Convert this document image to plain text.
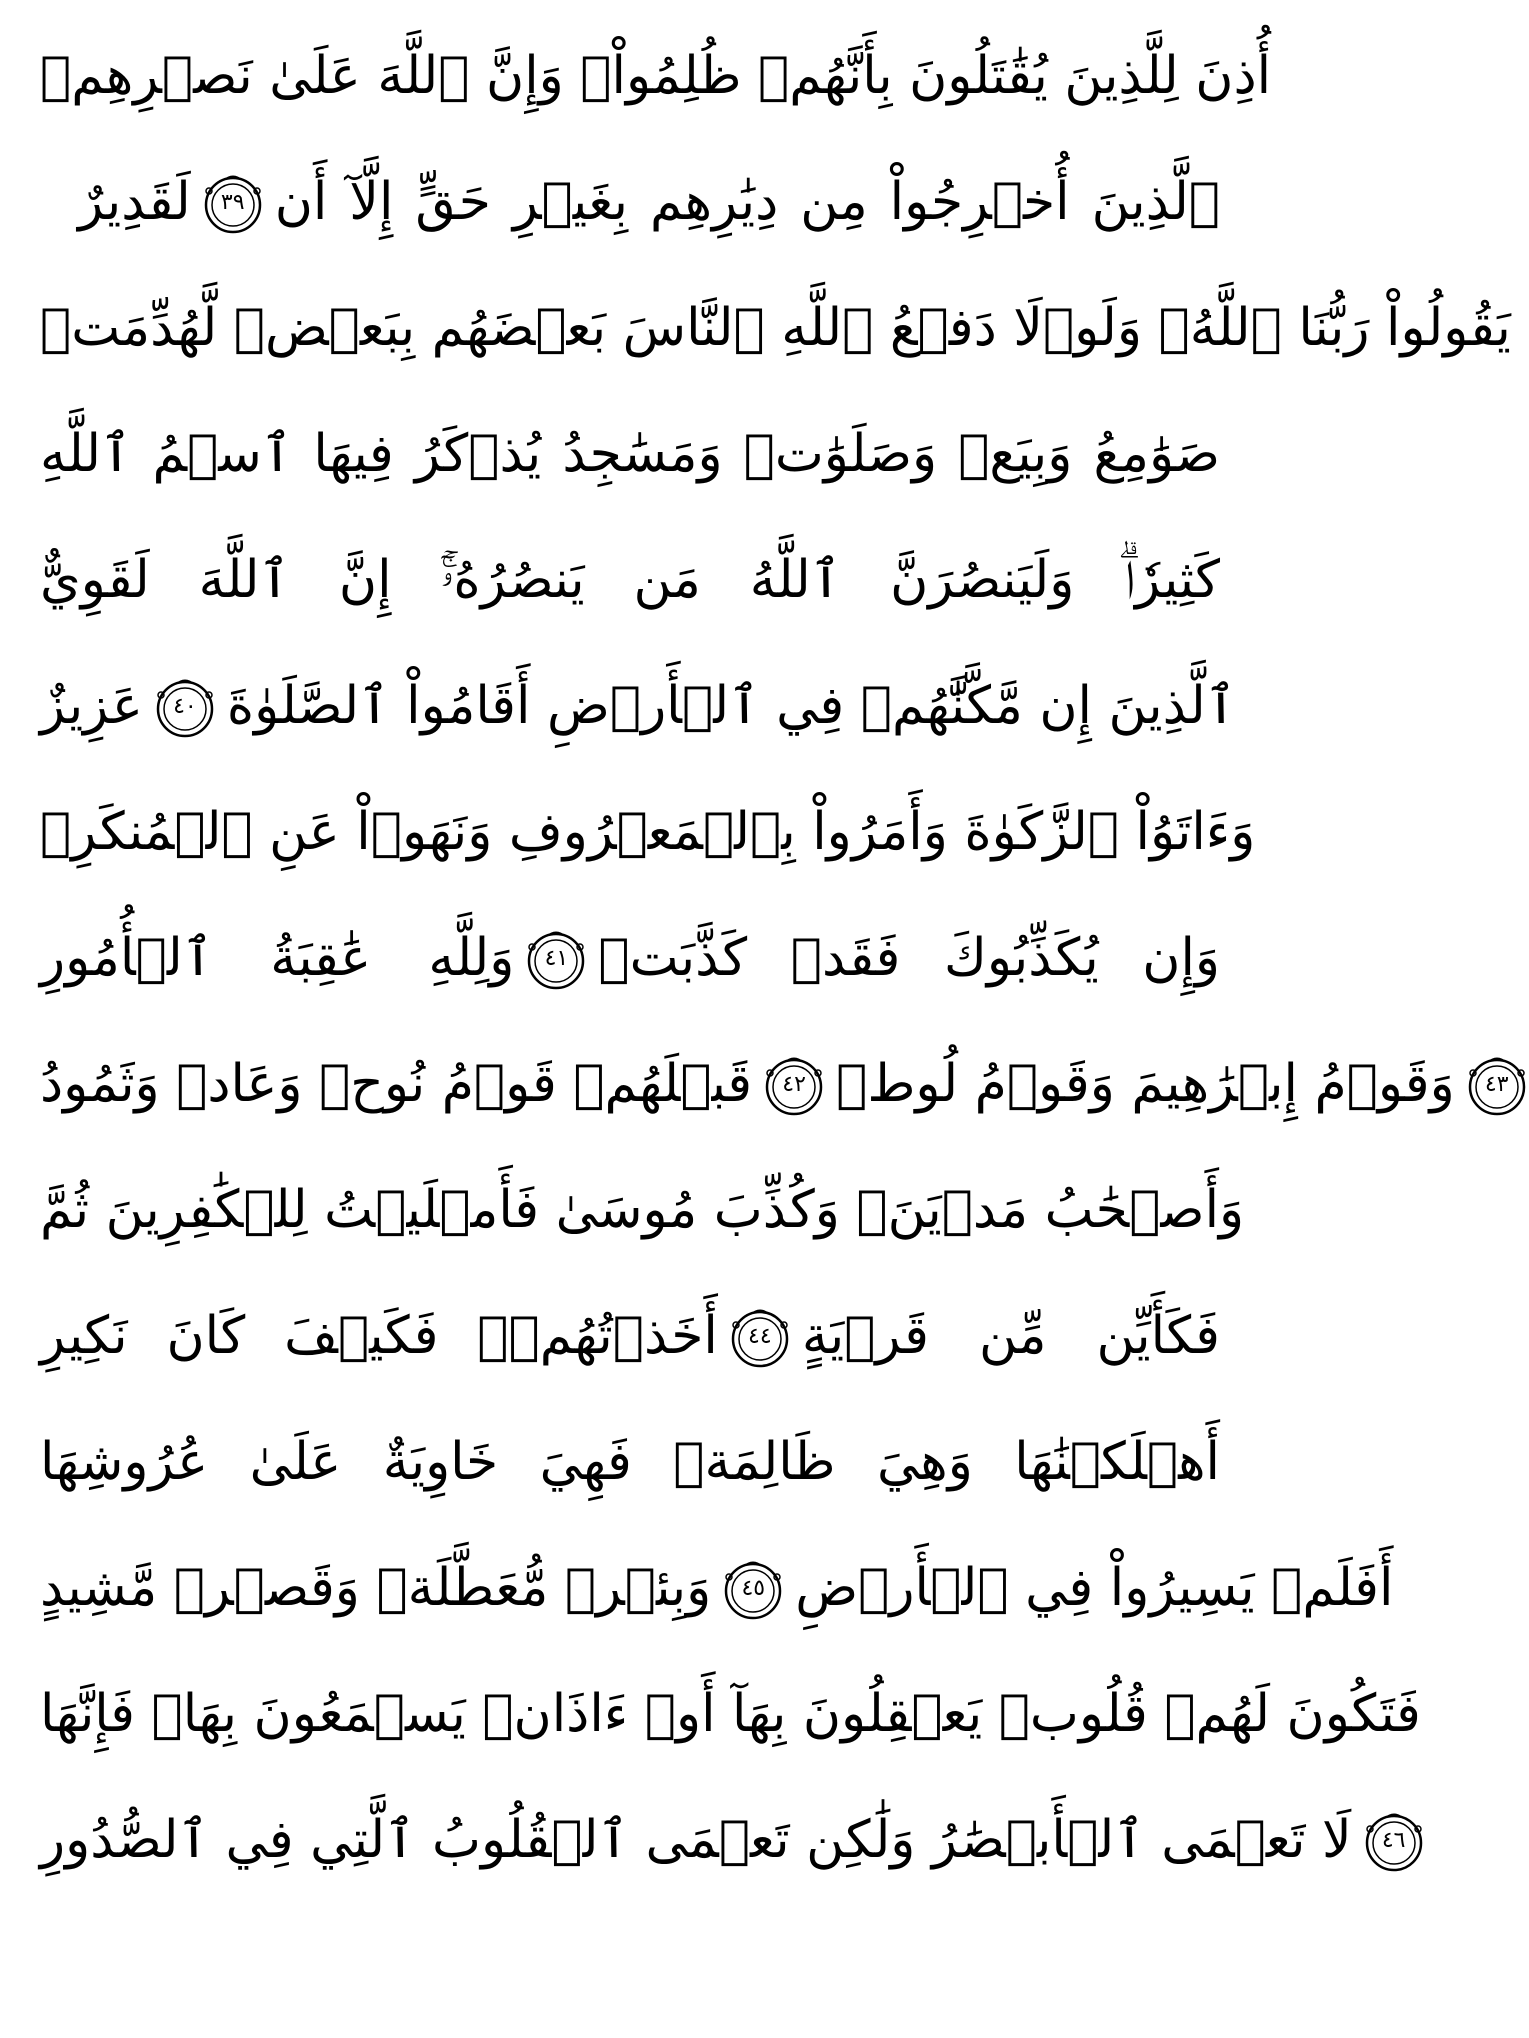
أُذِنَ لِلَّذِينَ يُقَٰتَلُونَ بِأَنَّهُمۡ ظُلِمُواْۚ وَإِنَّ ٱللَّهَ عَلَىٰ نَصۡرِهِمۡ
لَقَدِيرٌ ٣٩ ٱلَّذِينَ أُخۡرِجُواْ مِن دِيَٰرِهِم بِغَيۡرِ حَقٍّ إِلَّآ أَن
يَقُولُواْ رَبُّنَا ٱللَّهُۗ وَلَوۡلَا دَفۡعُ ٱللَّهِ ٱلنَّاسَ بَعۡضَهُم بِبَعۡضٖ لَّهُدِّمَتۡ
صَوَٰمِعُ وَبِيَعٞ وَصَلَوَٰتٞ وَمَسَٰجِدُ يُذۡكَرُ فِيهَا ٱسۡمُ ٱللَّهِ
كَثِيرٗاۗ وَلَيَنصُرَنَّ ٱللَّهُ مَن يَنصُرُهُۥٓۚ إِنَّ ٱللَّهَ لَقَوِيٌّ
عَزِيزٌ ٤٠ ٱلَّذِينَ إِن مَّكَّنَّٰهُمۡ فِي ٱلۡأَرۡضِ أَقَامُواْ ٱلصَّلَوٰةَ
وَءَاتَوُاْ ٱلزَّكَوٰةَ وَأَمَرُواْ بِٱلۡمَعۡرُوفِ وَنَهَوۡاْ عَنِ ٱلۡمُنكَرِۗ
وَلِلَّهِ عَٰقِبَةُ ٱلۡأُمُورِ ٤١ وَإِن يُكَذِّبُوكَ فَقَدۡ كَذَّبَتۡ
قَبۡلَهُمۡ قَوۡمُ نُوحٖ وَعَادٞ وَثَمُودُ ٤٢ وَقَوۡمُ إِبۡرَٰهِيمَ وَقَوۡمُ لُوطٖ ٤٣
وَأَصۡحَٰبُ مَدۡيَنَۖ وَكُذِّبَ مُوسَىٰ فَأَمۡلَيۡتُ لِلۡكَٰفِرِينَ ثُمَّ
أَخَذۡتُهُمۡۖ فَكَيۡفَ كَانَ نَكِيرِ ٤٤ فَكَأَيِّن مِّن قَرۡيَةٍ
أَهۡلَكۡنَٰهَا وَهِيَ ظَالِمَةٞ فَهِيَ خَاوِيَةٌ عَلَىٰ عُرُوشِهَا
وَبِئۡرٖ مُّعَطَّلَةٖ وَقَصۡرٖ مَّشِيدٍ ٤٥ أَفَلَمۡ يَسِيرُواْ فِي ٱلۡأَرۡضِ
فَتَكُونَ لَهُمۡ قُلُوبٞ يَعۡقِلُونَ بِهَآ أَوۡ ءَاذَانٞ يَسۡمَعُونَ بِهَاۖ فَإِنَّهَا
لَا تَعۡمَى ٱلۡأَبۡصَٰرُ وَلَٰكِن تَعۡمَى ٱلۡقُلُوبُ ٱلَّتِي فِي ٱلصُّدُورِ ٤٦
